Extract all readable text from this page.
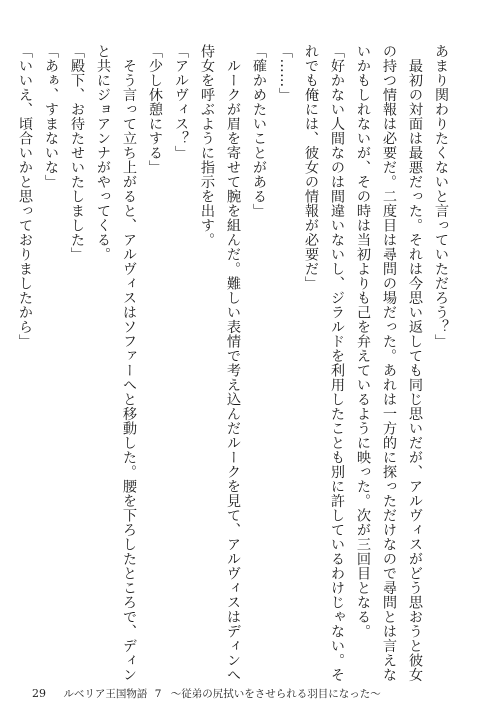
あまり関わりたくないと言っていただろう？」
　最初の対面は最悪だった。それは今思い返しても同じ思いだが、アルヴィスがどう思おうと彼女
の持つ情報は必要だ。二度目は尋問の場だった。あれは一方的に探っただけなので尋問とは言えな
いかもしれないが、その時は当初よりも己を弁えているように映った。次が三回目となる。
「好かない人間なのは間違いないし、ジラルドを利用したことも別に許しているわけじゃない。そ
れでも俺には、彼女の情報が必要だ」
「……」
「確かめたいことがある」
　ルークが眉を寄せて腕を組んだ。難しい表情で考え込んだルークを見て、アルヴィスはディンへ
侍女を呼ぶように指示を出す。
「アルヴィス？」
「少し休憩にする」
　そう言って立ち上がると、アルヴィスはソファーへと移動した。腰を下ろしたところで、ディン
と共にジョアンナがやってくる。
「殿下、お待たせいたしました」
「あぁ、すまないな」
「いいえ、頃合いかと思っておりましたから」
29 ルベリア王国物語 7 ～従弟の尻拭いをさせられる羽目になった～
